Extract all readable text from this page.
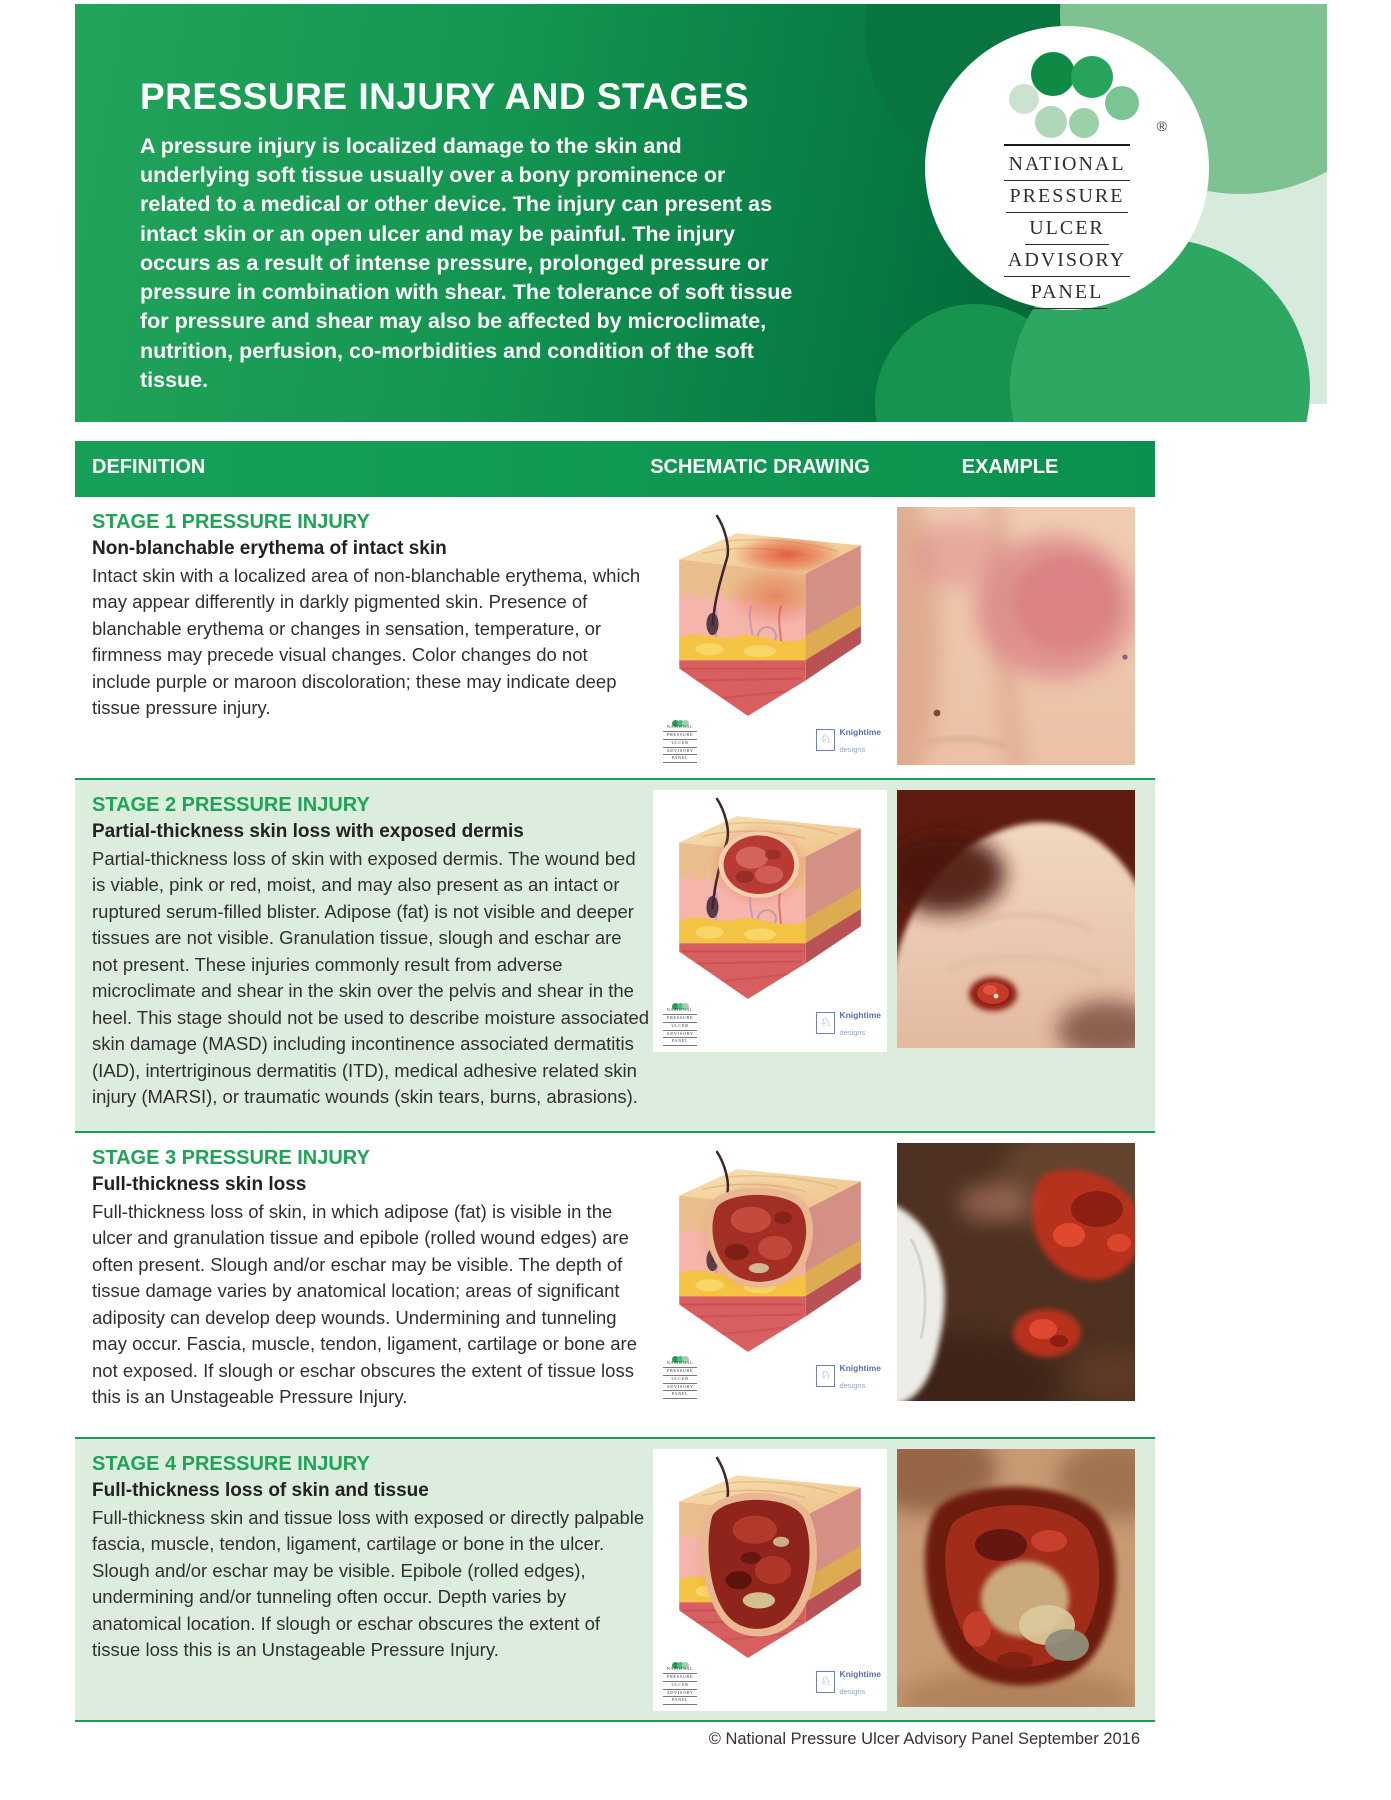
PRESSURE INJURY AND STAGES
A pressure injury is localized damage to the skin and underlying soft tissue usually over a bony prominence or related to a medical or other device. The injury can present as intact skin or an open ulcer and may be painful. The injury occurs as a result of intense pressure, prolonged pressure or pressure in combination with shear. The tolerance of soft tissue for pressure and shear may also be affected by microclimate, nutrition, perfusion, co-morbidities and condition of the soft tissue.
®
NATIONAL
PRESSURE
ULCER
ADVISORY
PANEL
DEFINITION	SCHEMATIC DRAWING	EXAMPLE

STAGE 1 PRESSURE INJURY

Non-blanchable erythema of intact skin

Intact skin with a localized area of non-blanchable erythema, which may appear differently in darkly pigmented skin. Presence of blanchable erythema or changes in sensation, temperature, or firmness may precede visual changes. Color changes do not include purple or maroon discoloration; these may indicate deep tissue pressure injury.

NATIONAL
PRESSURE
ULCER
ADVISORY
PANEL
♘ Knightime
designs

STAGE 2 PRESSURE INJURY

Partial-thickness skin loss with exposed dermis

Partial-thickness loss of skin with exposed dermis. The wound bed is viable, pink or red, moist, and may also present as an intact or ruptured serum-filled blister. Adipose (fat) is not visible and deeper tissues are not visible. Granulation tissue, slough and eschar are not present. These injuries commonly result from adverse microclimate and shear in the skin over the pelvis and shear in the heel. This stage should not be used to describe moisture associated skin damage (MASD) including incontinence associated dermatitis (IAD), intertriginous dermatitis (ITD), medical adhesive related skin injury (MARSI), or traumatic wounds (skin tears, burns, abrasions).

NATIONAL
PRESSURE
ULCER
ADVISORY
PANEL
♘ Knightime
designs

STAGE 3 PRESSURE INJURY

Full-thickness skin loss

Full-thickness loss of skin, in which adipose (fat) is visible in the ulcer and granulation tissue and epibole (rolled wound edges) are often present. Slough and/or eschar may be visible. The depth of tissue damage varies by anatomical location; areas of significant adiposity can develop deep wounds. Undermining and tunneling may occur. Fascia, muscle, tendon, ligament, cartilage or bone are not exposed. If slough or eschar obscures the extent of tissue loss this is an Unstageable Pressure Injury.

NATIONAL
PRESSURE
ULCER
ADVISORY
PANEL
♘ Knightime
designs

STAGE 4 PRESSURE INJURY

Full-thickness loss of skin and tissue

Full-thickness skin and tissue loss with exposed or directly palpable fascia, muscle, tendon, ligament, cartilage or bone in the ulcer. Slough and/or eschar may be visible. Epibole (rolled edges), undermining and/or tunneling often occur. Depth varies by anatomical location. If slough or eschar obscures the extent of tissue loss this is an Unstageable Pressure Injury.

NATIONAL
PRESSURE
ULCER
ADVISORY
PANEL
♘ Knightime
designs
© National Pressure Ulcer Advisory Panel September 2016
